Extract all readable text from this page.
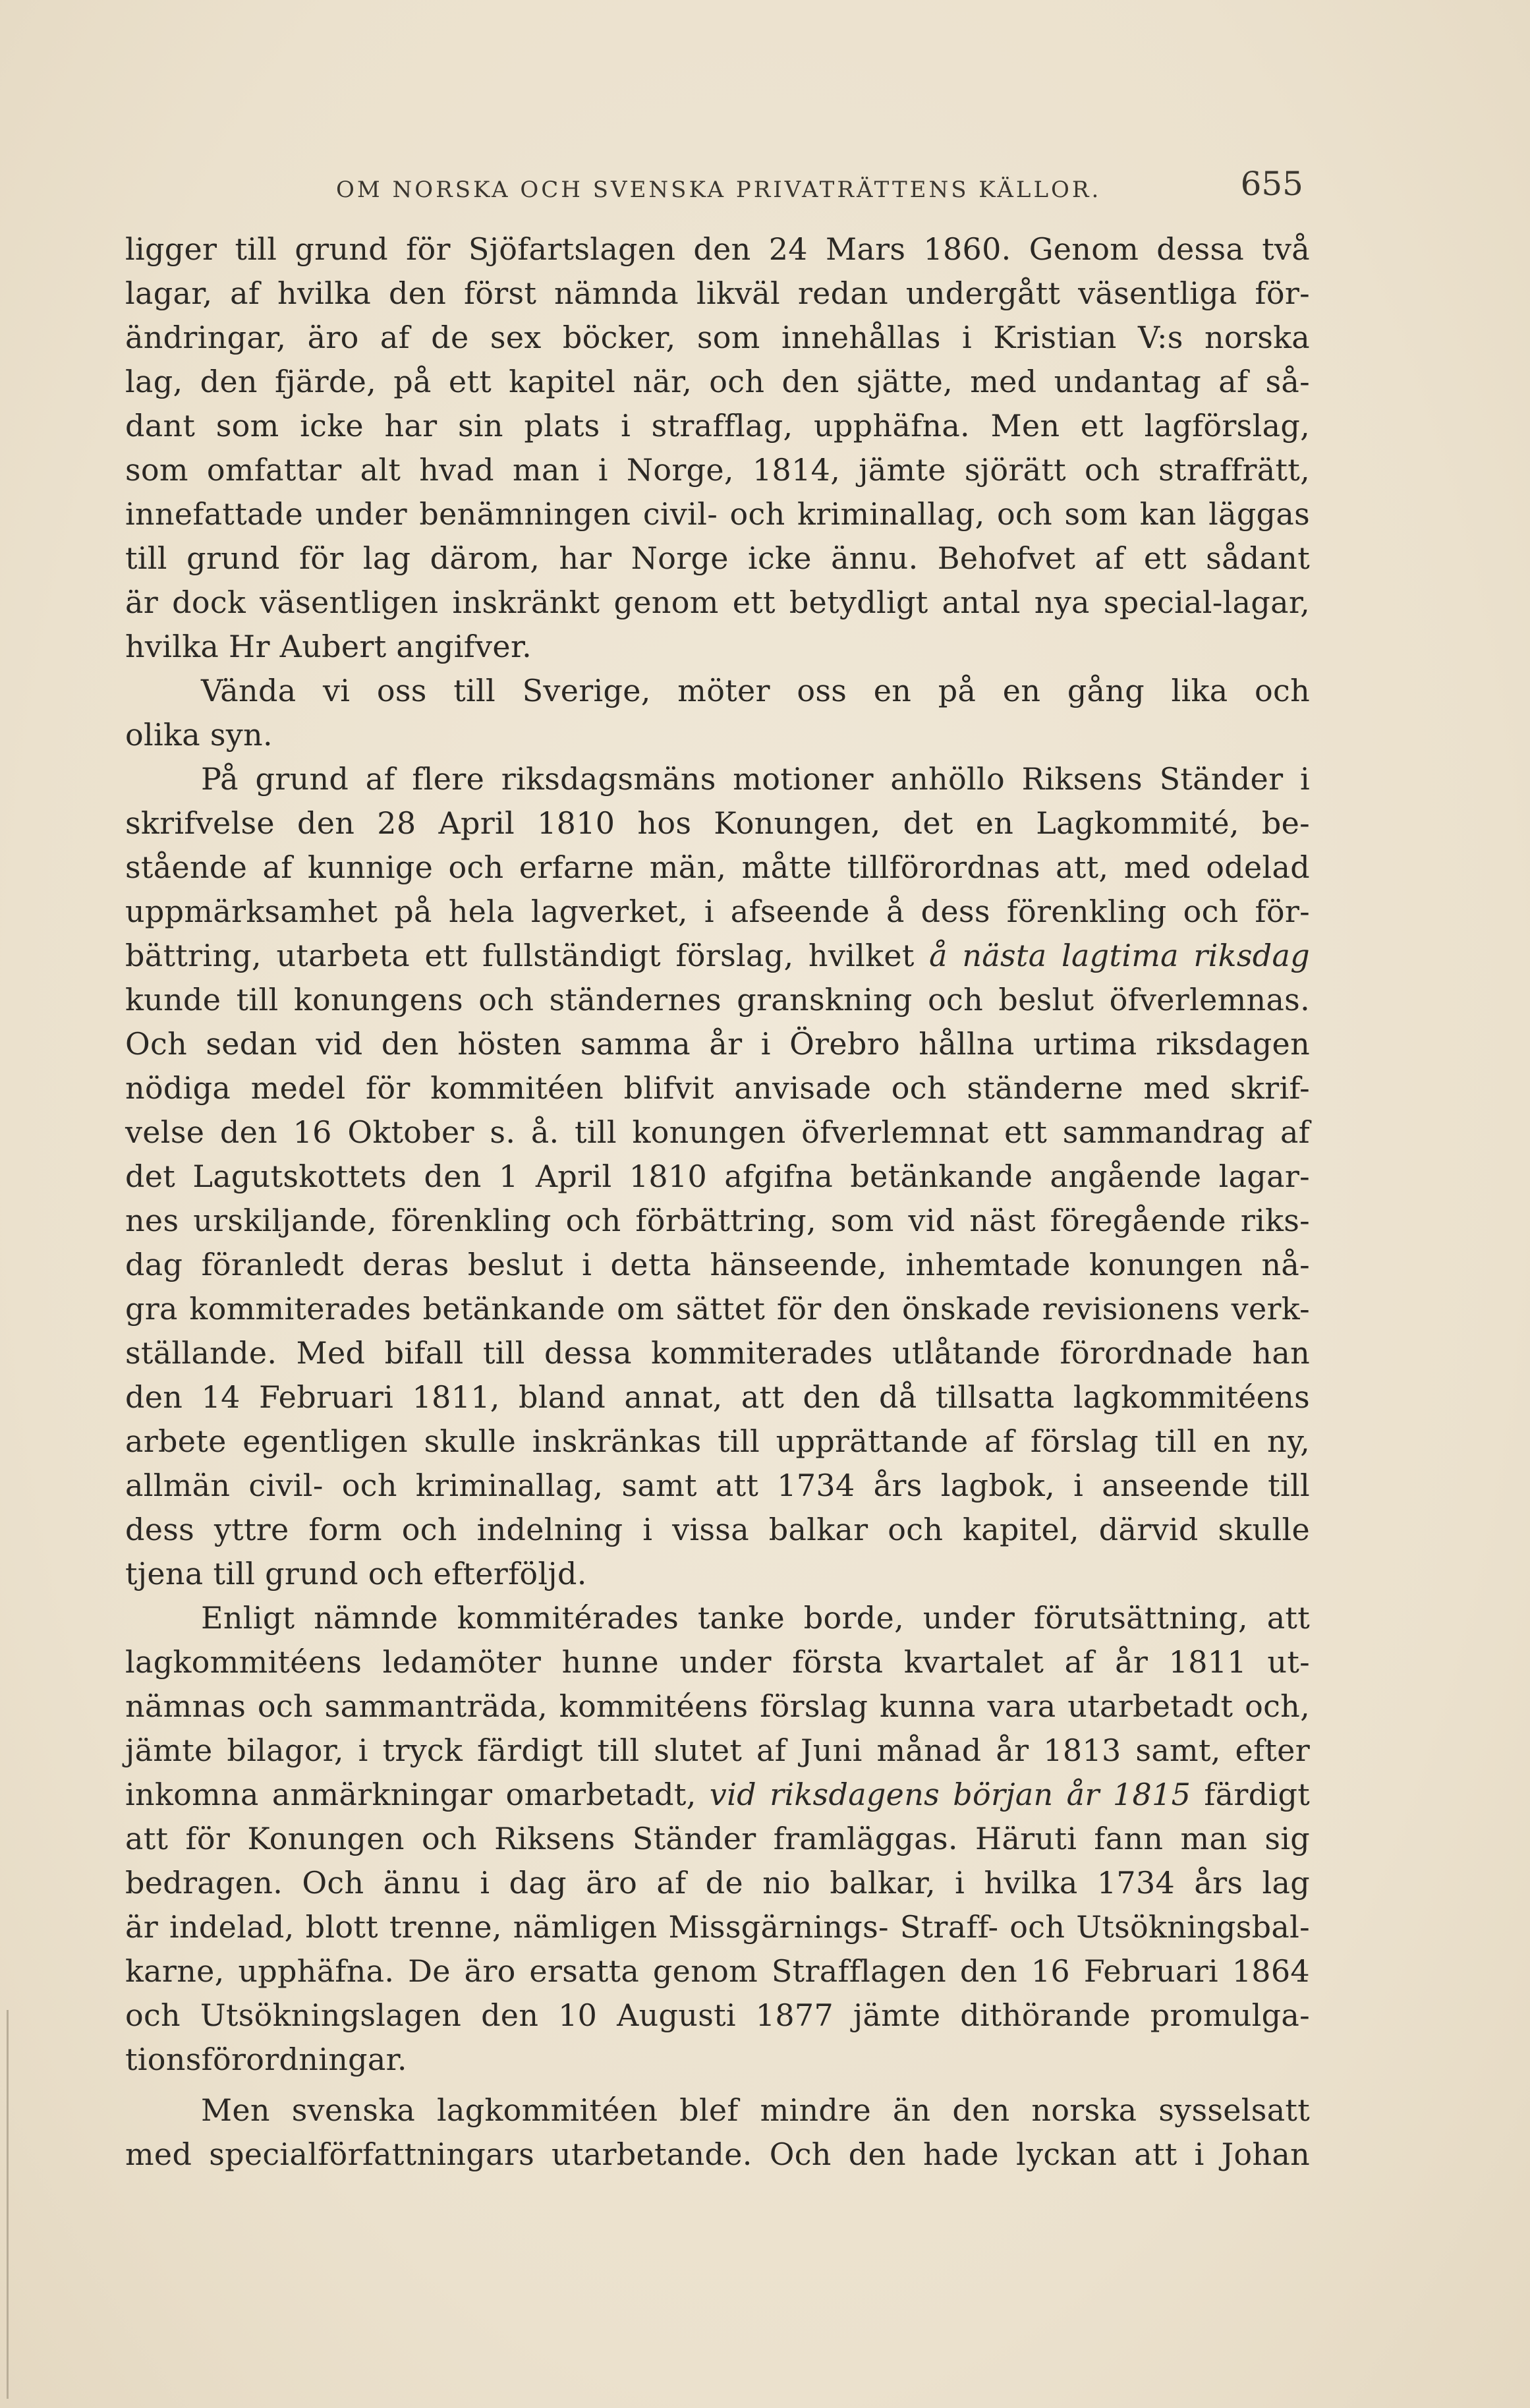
OM NORSKA OCH SVENSKA PRIVATRÄTTENS KÄLLOR.	655
ligger till grund för Sjöfartslagen den 24 Mars 1860. Genom dessa två
lagar, af hvilka den först nämnda likväl redan undergått väsentliga för-
ändringar, äro af de sex böcker, som innehållas i Kristian V:s norska
lag, den fjärde, på ett kapitel när, och den sjätte, med undantag af så-
dant som icke har sin plats i strafflag, upphäfna. Men ett lagförslag,
som omfattar alt hvad man i Norge, 1814, jämte sjörätt och straffrätt,
innefattade under benämningen civil- och kriminallag, och som kan läggas
till grund för lag därom, har Norge icke ännu. Behofvet af ett sådant
är dock väsentligen inskränkt genom ett betydligt antal nya special-lagar,
hvilka Hr Aubert angifver.
Vända vi oss till Sverige, möter oss en på en gång lika och
olika syn.
På grund af flere riksdagsmäns motioner anhöllo Riksens Ständer i
skrifvelse den 28 April 1810 hos Konungen, det en Lagkommité, be-
stående af kunnige och erfarne män, måtte tillförordnas att, med odelad
uppmärksamhet på hela lagverket, i afseende å dess förenkling och för-
bättring, utarbeta ett fullständigt förslag, hvilket å nästa lagtima riksdag
kunde till konungens och ständernes granskning och beslut öfverlemnas.
Och sedan vid den hösten samma år i Örebro hållna urtima riksdagen
nödiga medel för kommitéen blifvit anvisade och ständerne med skrif-
velse den 16 Oktober s. å. till konungen öfverlemnat ett sammandrag af
det Lagutskottets den 1 April 1810 afgifna betänkande angående lagar-
nes urskiljande, förenkling och förbättring, som vid näst föregående riks-
dag föranledt deras beslut i detta hänseende, inhemtade konungen nå-
gra kommiterades betänkande om sättet för den önskade revisionens verk-
ställande. Med bifall till dessa kommiterades utlåtande förordnade han
den 14 Februari 1811, bland annat, att den då tillsatta lagkommitéens
arbete egentligen skulle inskränkas till upprättande af förslag till en ny,
allmän civil- och kriminallag, samt att 1734 års lagbok, i anseende till
dess yttre form och indelning i vissa balkar och kapitel, därvid skulle
tjena till grund och efterföljd.
Enligt nämnde kommitérades tanke borde, under förutsättning, att
lagkommitéens ledamöter hunne under första kvartalet af år 1811 ut-
nämnas och sammanträda, kommitéens förslag kunna vara utarbetadt och,
jämte bilagor, i tryck färdigt till slutet af Juni månad år 1813 samt, efter
inkomna anmärkningar omarbetadt, vid riksdagens början år 1815 färdigt
att för Konungen och Riksens Ständer framläggas. Häruti fann man sig
bedragen. Och ännu i dag äro af de nio balkar, i hvilka 1734 års lag
är indelad, blott trenne, nämligen Missgärnings- Straff- och Utsökningsbal-
karne, upphäfna. De äro ersatta genom Strafflagen den 16 Februari 1864
och Utsökningslagen den 10 Augusti 1877 jämte dithörande promulga-
tionsförordningar.
Men svenska lagkommitéen blef mindre än den norska sysselsatt
med specialförfattningars utarbetande. Och den hade lyckan att i Johan
